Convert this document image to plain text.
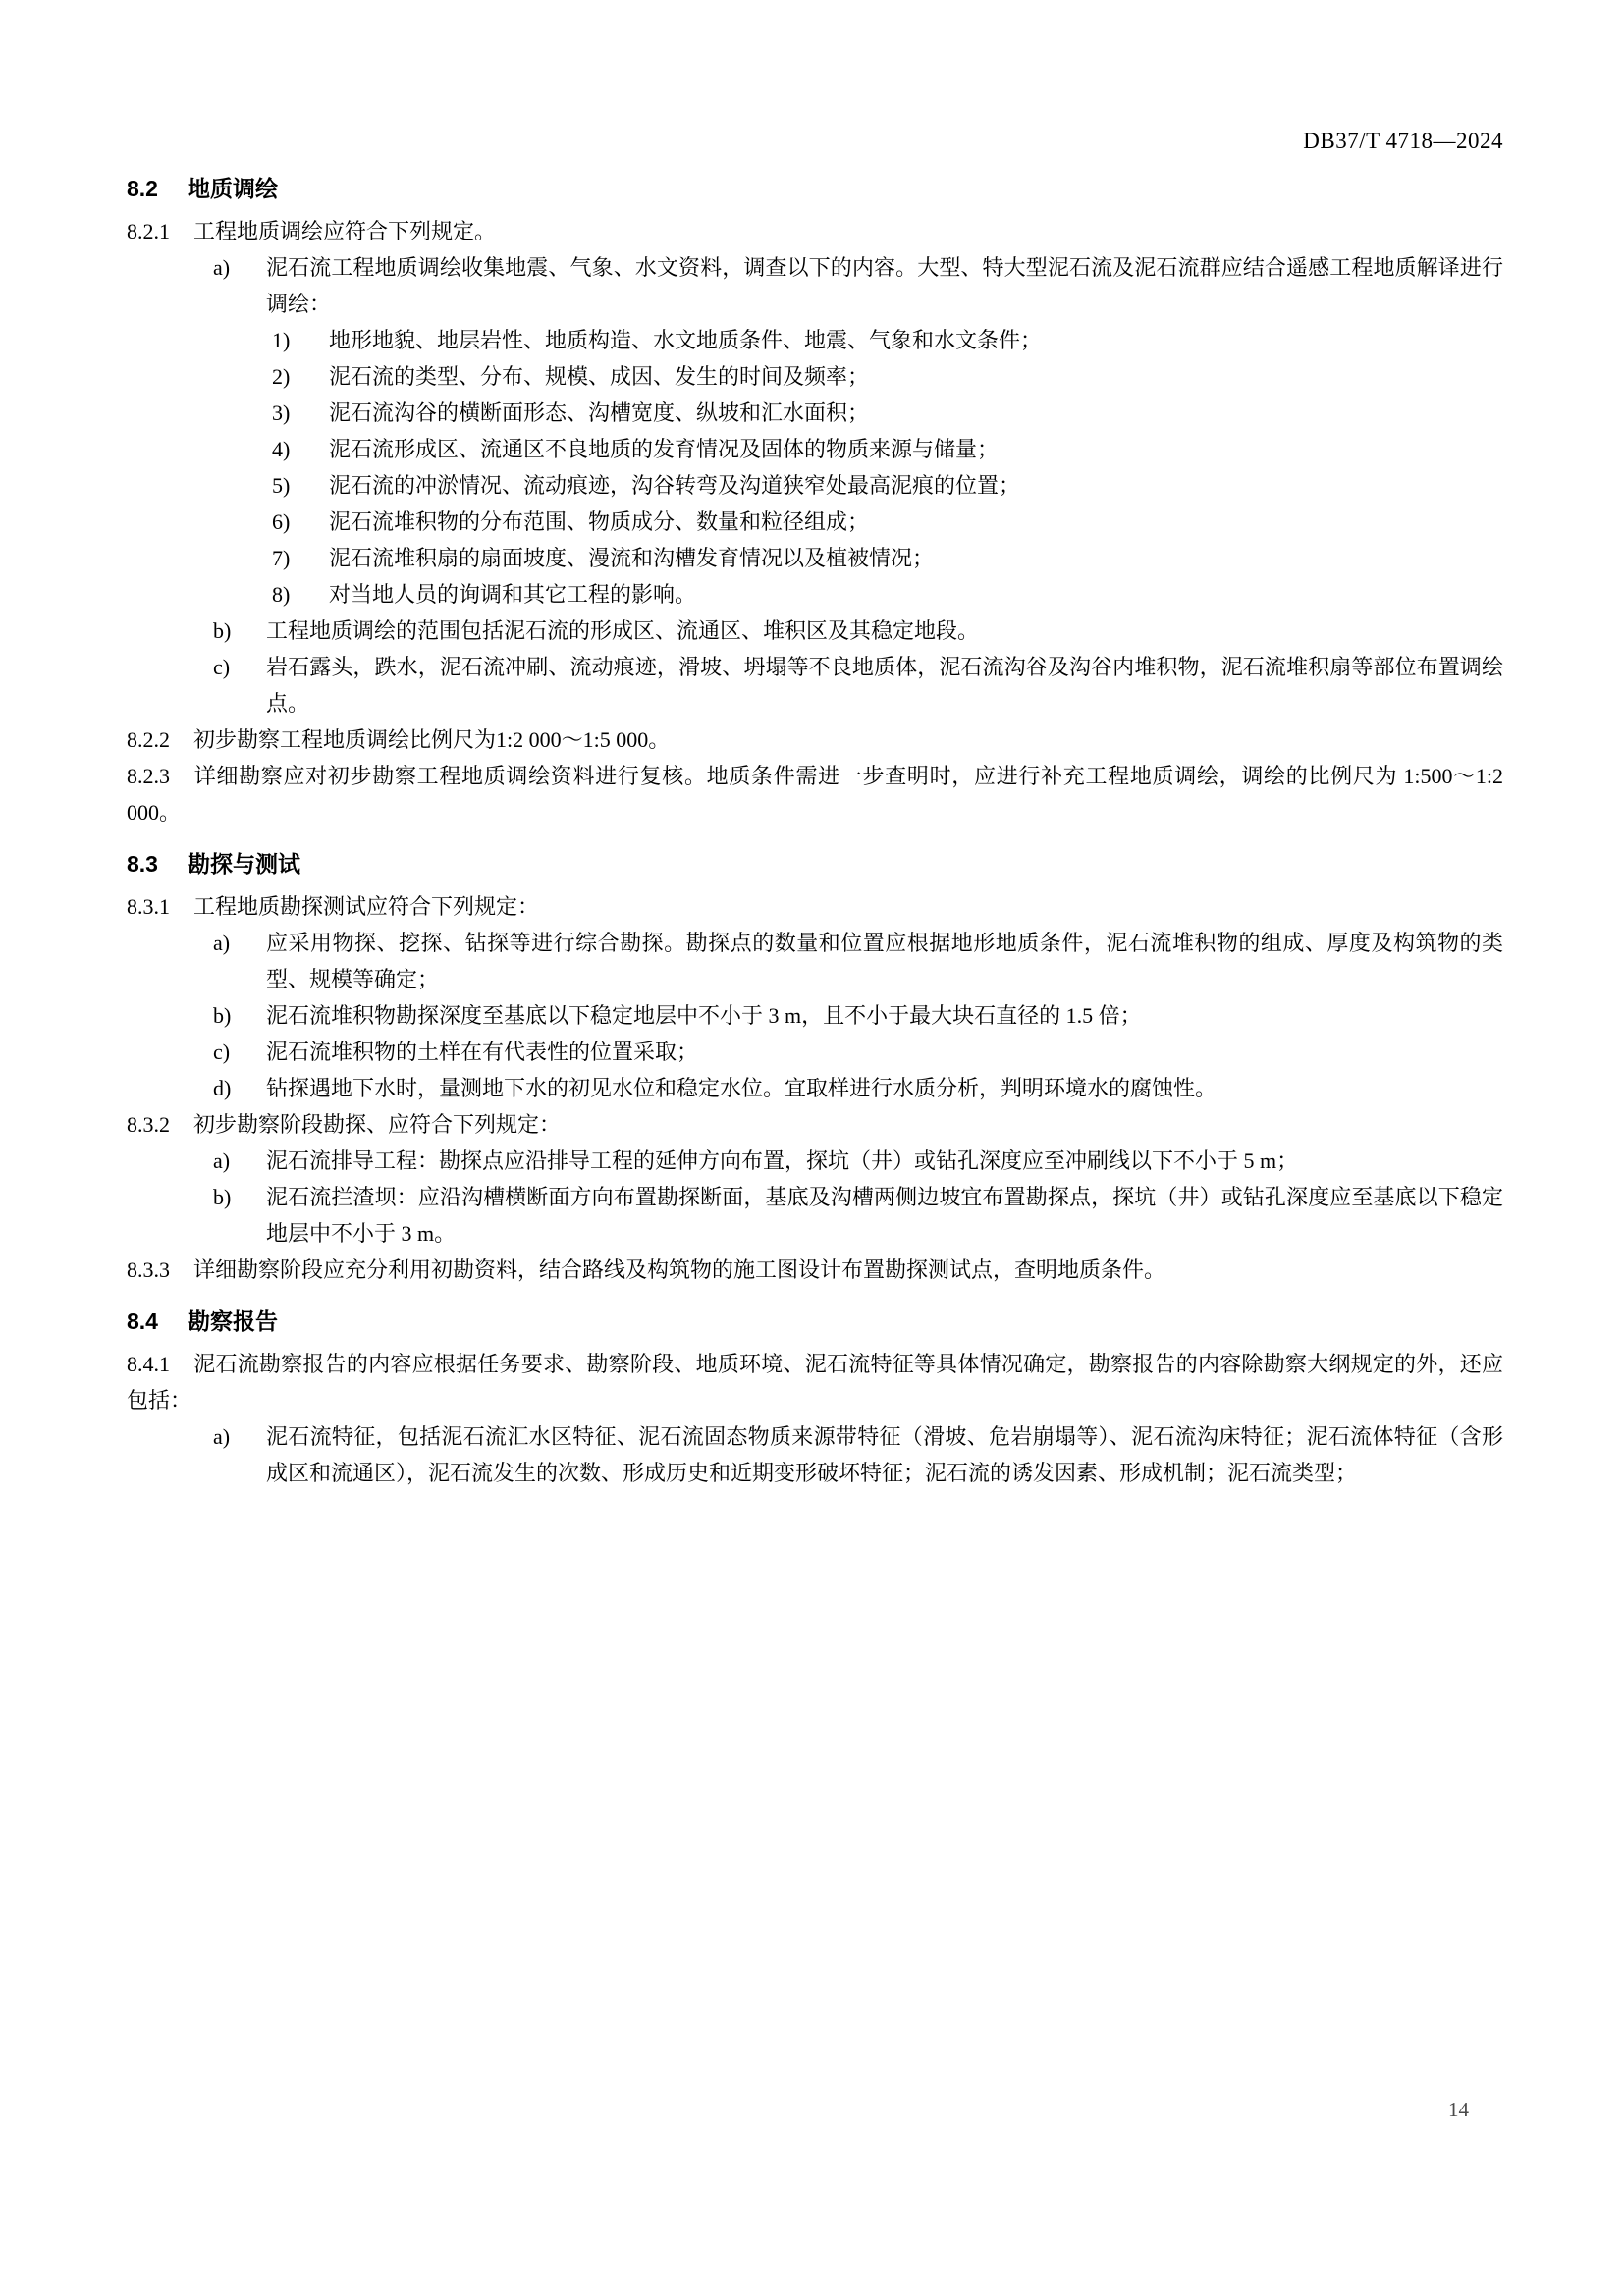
DB37/T 4718—2024
8.2 地质调绘

8.2.1 工程地质调绘应符合下列规定。

a) 泥石流工程地质调绘收集地震、气象、水文资料，调查以下的内容。大型、特大型泥石流及泥石流群应结合遥感工程地质解译进行调绘：
1) 地形地貌、地层岩性、地质构造、水文地质条件、地震、气象和水文条件；
2) 泥石流的类型、分布、规模、成因、发生的时间及频率；
3) 泥石流沟谷的横断面形态、沟槽宽度、纵坡和汇水面积；
4) 泥石流形成区、流通区不良地质的发育情况及固体的物质来源与储量；
5) 泥石流的冲淤情况、流动痕迹，沟谷转弯及沟道狭窄处最高泥痕的位置；
6) 泥石流堆积物的分布范围、物质成分、数量和粒径组成；
7) 泥石流堆积扇的扇面坡度、漫流和沟槽发育情况以及植被情况；
8) 对当地人员的询调和其它工程的影响。
b) 工程地质调绘的范围包括泥石流的形成区、流通区、堆积区及其稳定地段。
c) 岩石露头，跌水，泥石流冲刷、流动痕迹，滑坡、坍塌等不良地质体，泥石流沟谷及沟谷内堆积物，泥石流堆积扇等部位布置调绘点。

8.2.2 初步勘察工程地质调绘比例尺为1:2 000～1:5 000。

8.2.3 详细勘察应对初步勘察工程地质调绘资料进行复核。地质条件需进一步查明时，应进行补充工程地质调绘，调绘的比例尺为 1:500～1:2 000。

8.3 勘探与测试

8.3.1 工程地质勘探测试应符合下列规定：

a) 应采用物探、挖探、钻探等进行综合勘探。勘探点的数量和位置应根据地形地质条件，泥石流堆积物的组成、厚度及构筑物的类型、规模等确定；
b) 泥石流堆积物勘探深度至基底以下稳定地层中不小于 3 m，且不小于最大块石直径的 1.5 倍；
c) 泥石流堆积物的土样在有代表性的位置采取；
d) 钻探遇地下水时，量测地下水的初见水位和稳定水位。宜取样进行水质分析，判明环境水的腐蚀性。

8.3.2 初步勘察阶段勘探、应符合下列规定：

a) 泥石流排导工程：勘探点应沿排导工程的延伸方向布置，探坑（井）或钻孔深度应至冲刷线以下不小于 5 m；
b) 泥石流拦渣坝：应沿沟槽横断面方向布置勘探断面，基底及沟槽两侧边坡宜布置勘探点，探坑（井）或钻孔深度应至基底以下稳定地层中不小于 3 m。

8.3.3 详细勘察阶段应充分利用初勘资料，结合路线及构筑物的施工图设计布置勘探测试点，查明地质条件。

8.4 勘察报告

8.4.1 泥石流勘察报告的内容应根据任务要求、勘察阶段、地质环境、泥石流特征等具体情况确定，勘察报告的内容除勘察大纲规定的外，还应包括：

a) 泥石流特征，包括泥石流汇水区特征、泥石流固态物质来源带特征（滑坡、危岩崩塌等）、泥石流沟床特征；泥石流体特征（含形成区和流通区），泥石流发生的次数、形成历史和近期变形破坏特征；泥石流的诱发因素、形成机制；泥石流类型；
14
